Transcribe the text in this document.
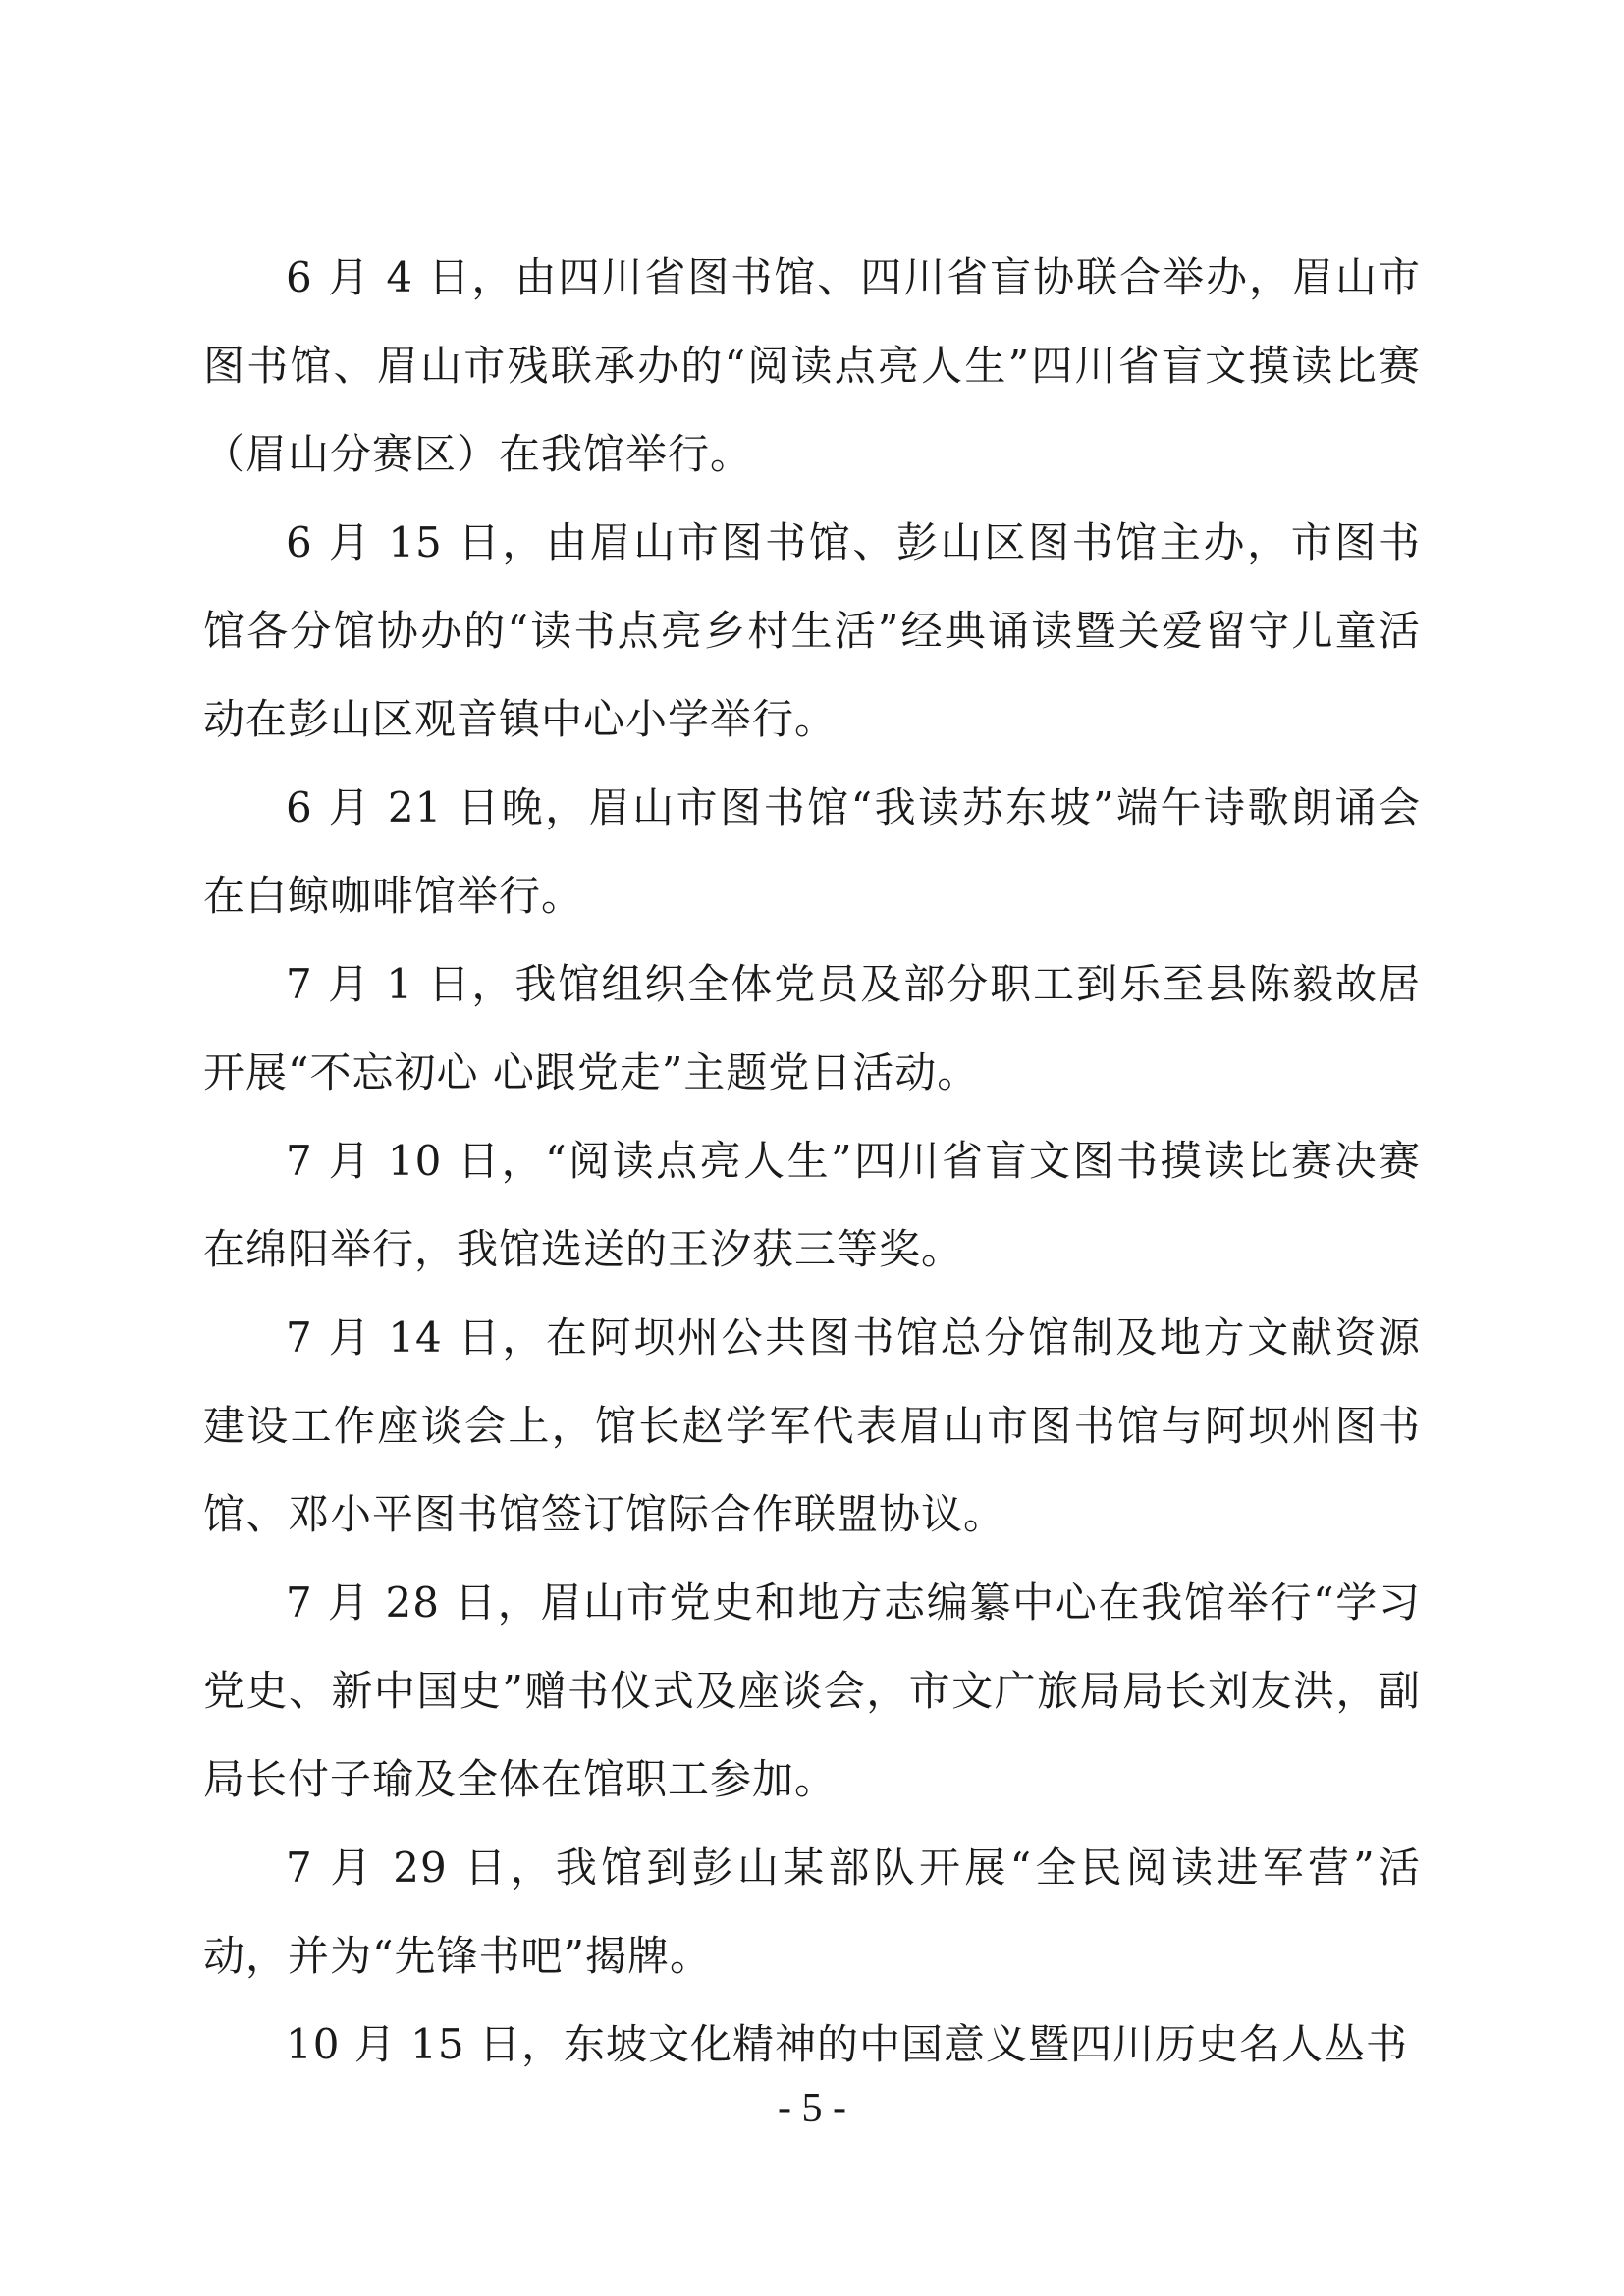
6 月 4 日，由四川省图书馆、四川省盲协联合举办，眉山市图书馆、眉山市残联承办的“阅读点亮人生”四川省盲文摸读比赛（眉山分赛区）在我馆举行。

6 月 15 日，由眉山市图书馆、彭山区图书馆主办，市图书馆各分馆协办的“读书点亮乡村生活”经典诵读暨关爱留守儿童活动在彭山区观音镇中心小学举行。

6 月 21 日晚，眉山市图书馆“我读苏东坡”端午诗歌朗诵会在白鲸咖啡馆举行。

7 月 1 日，我馆组织全体党员及部分职工到乐至县陈毅故居开展“不忘初心 心跟党走”主题党日活动。

7 月 10 日，“阅读点亮人生”四川省盲文图书摸读比赛决赛在绵阳举行，我馆选送的王汐获三等奖。

7 月 14 日，在阿坝州公共图书馆总分馆制及地方文献资源建设工作座谈会上，馆长赵学军代表眉山市图书馆与阿坝州图书馆、邓小平图书馆签订馆际合作联盟协议。

7 月 28 日，眉山市党史和地方志编纂中心在我馆举行“学习党史、新中国史”赠书仪式及座谈会，市文广旅局局长刘友洪，副局长付子瑜及全体在馆职工参加。

7 月 29 日，我馆到彭山某部队开展“全民阅读进军营”活动，并为“先锋书吧”揭牌。

10 月 15 日，东坡文化精神的中国意义暨四川历史名人丛书

- 5 -
